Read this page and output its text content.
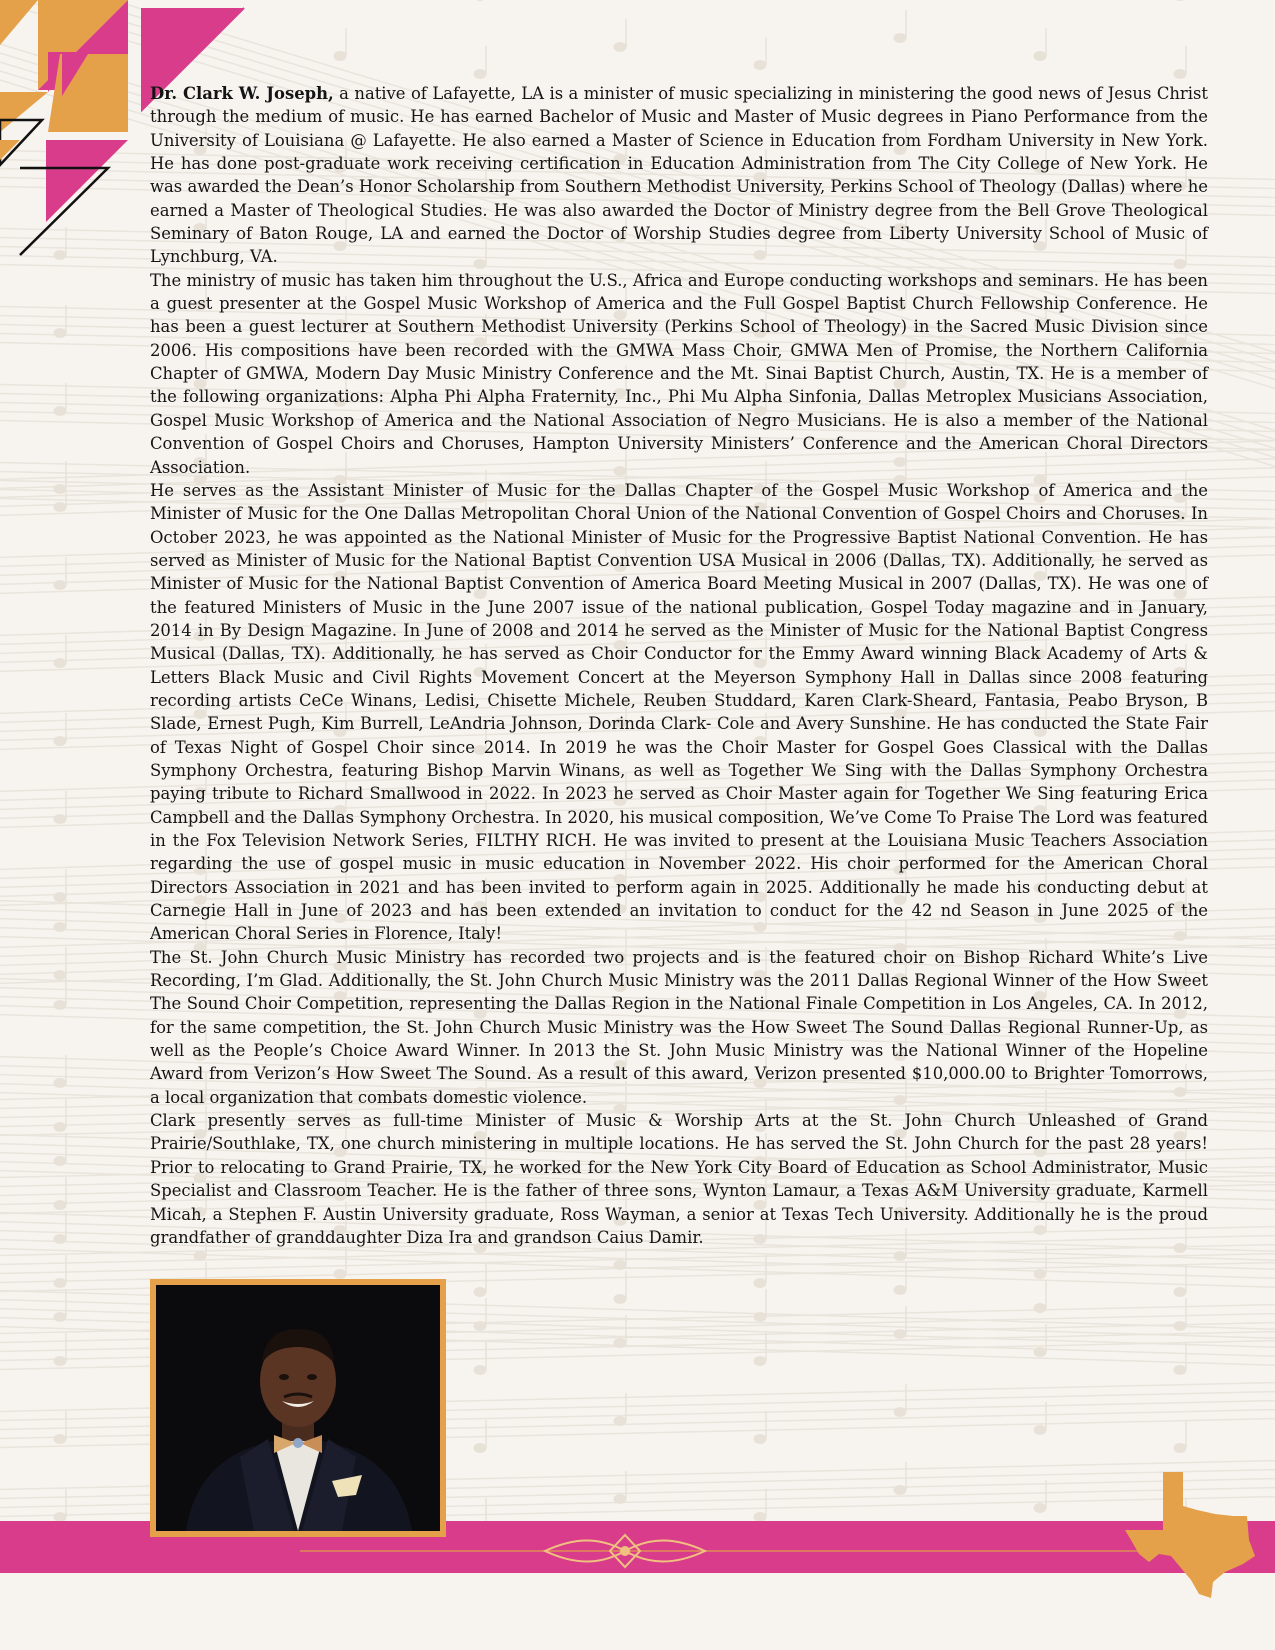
Dr. Clark W. Joseph, a native of Lafayette, LA is a minister of music specializing in ministering the good news of Jesus Christ through the medium of music. He has earned Bachelor of Music and Master of Music degrees in Piano Performance from the University of Louisiana @ Lafayette. He also earned a Master of Science in Education from Fordham University in New York. He has done post-graduate work receiving certification in Education Administration from The City College of New York. He was awarded the Dean’s Honor Scholarship from Southern Methodist University, Perkins School of Theology (Dallas) where he earned a Master of Theological Studies. He was also awarded the Doctor of Ministry degree from the Bell Grove Theological Seminary of Baton Rouge, LA and earned the Doctor of Worship Studies degree from Liberty University School of Music of Lynchburg, VA.

The ministry of music has taken him throughout the U.S., Africa and Europe conducting workshops and seminars. He has been a guest presenter at the Gospel Music Workshop of America and the Full Gospel Baptist Church Fellowship Conference. He has been a guest lecturer at Southern Methodist University (Perkins School of Theology) in the Sacred Music Division since 2006. His compositions have been recorded with the GMWA Mass Choir, GMWA Men of Promise, the Northern California Chapter of GMWA, Modern Day Music Ministry Conference and the Mt. Sinai Baptist Church, Austin, TX. He is a member of the following organizations: Alpha Phi Alpha Fraternity, Inc., Phi Mu Alpha Sinfonia, Dallas Metroplex Musicians Association, Gospel Music Workshop of America and the National Association of Negro Musicians. He is also a member of the National Convention of Gospel Choirs and Choruses, Hampton University Ministers’ Conference and the American Choral Directors Association.

He serves as the Assistant Minister of Music for the Dallas Chapter of the Gospel Music Workshop of America and the Minister of Music for the One Dallas Metropolitan Choral Union of the National Convention of Gospel Choirs and Choruses. In October 2023, he was appointed as the National Minister of Music for the Progressive Baptist National Convention. He has served as Minister of Music for the National Baptist Convention USA Musical in 2006 (Dallas, TX). Additionally, he served as Minister of Music for the National Baptist Convention of America Board Meeting Musical in 2007 (Dallas, TX). He was one of the featured Ministers of Music in the June 2007 issue of the national publication, Gospel Today magazine and in January, 2014 in By Design Magazine. In June of 2008 and 2014 he served as the Minister of Music for the National Baptist Congress Musical (Dallas, TX). Additionally, he has served as Choir Conductor for the Emmy Award winning Black Academy of Arts & Letters Black Music and Civil Rights Movement Concert at the Meyerson Symphony Hall in Dallas since 2008 featuring recording artists CeCe Winans, Ledisi, Chisette Michele, Reuben Studdard, Karen Clark-Sheard, Fantasia, Peabo Bryson, B Slade, Ernest Pugh, Kim Burrell, LeAndria Johnson, Dorinda Clark- Cole and Avery Sunshine. He has conducted the State Fair of Texas Night of Gospel Choir since 2014. In 2019 he was the Choir Master for Gospel Goes Classical with the Dallas Symphony Orchestra, featuring Bishop Marvin Winans, as well as Together We Sing with the Dallas Symphony Orchestra paying tribute to Richard Smallwood in 2022. In 2023 he served as Choir Master again for Together We Sing featuring Erica Campbell and the Dallas Symphony Orchestra. In 2020, his musical composition, We’ve Come To Praise The Lord was featured in the Fox Television Network Series, FILTHY RICH. He was invited to present at the Louisiana Music Teachers Association regarding the use of gospel music in music education in November 2022. His choir performed for the American Choral Directors Association in 2021 and has been invited to perform again in 2025. Additionally he made his conducting debut at Carnegie Hall in June of 2023 and has been extended an invitation to conduct for the 42 nd Season in June 2025 of the American Choral Series in Florence, Italy!

The St. John Church Music Ministry has recorded two projects and is the featured choir on Bishop Richard White’s Live Recording, I’m Glad. Additionally, the St. John Church Music Ministry was the 2011 Dallas Regional Winner of the How Sweet The Sound Choir Competition, representing the Dallas Region in the National Finale Competition in Los Angeles, CA. In 2012, for the same competition, the St. John Church Music Ministry was the How Sweet The Sound Dallas Regional Runner-Up, as well as the People’s Choice Award Winner. In 2013 the St. John Music Ministry was the National Winner of the Hopeline Award from Verizon’s How Sweet The Sound. As a result of this award, Verizon presented $10,000.00 to Brighter Tomorrows, a local organization that combats domestic violence.

Clark presently serves as full-time Minister of Music & Worship Arts at the St. John Church Unleashed of Grand Prairie/Southlake, TX, one church ministering in multiple locations. He has served the St. John Church for the past 28 years! Prior to relocating to Grand Prairie, TX, he worked for the New York City Board of Education as School Administrator, Music Specialist and Classroom Teacher. He is the father of three sons, Wynton Lamaur, a Texas A&M University graduate, Karmell Micah, a Stephen F. Austin University graduate, Ross Wayman, a senior at Texas Tech University. Additionally he is the proud grandfather of granddaughter Diza Ira and grandson Caius Damir.
